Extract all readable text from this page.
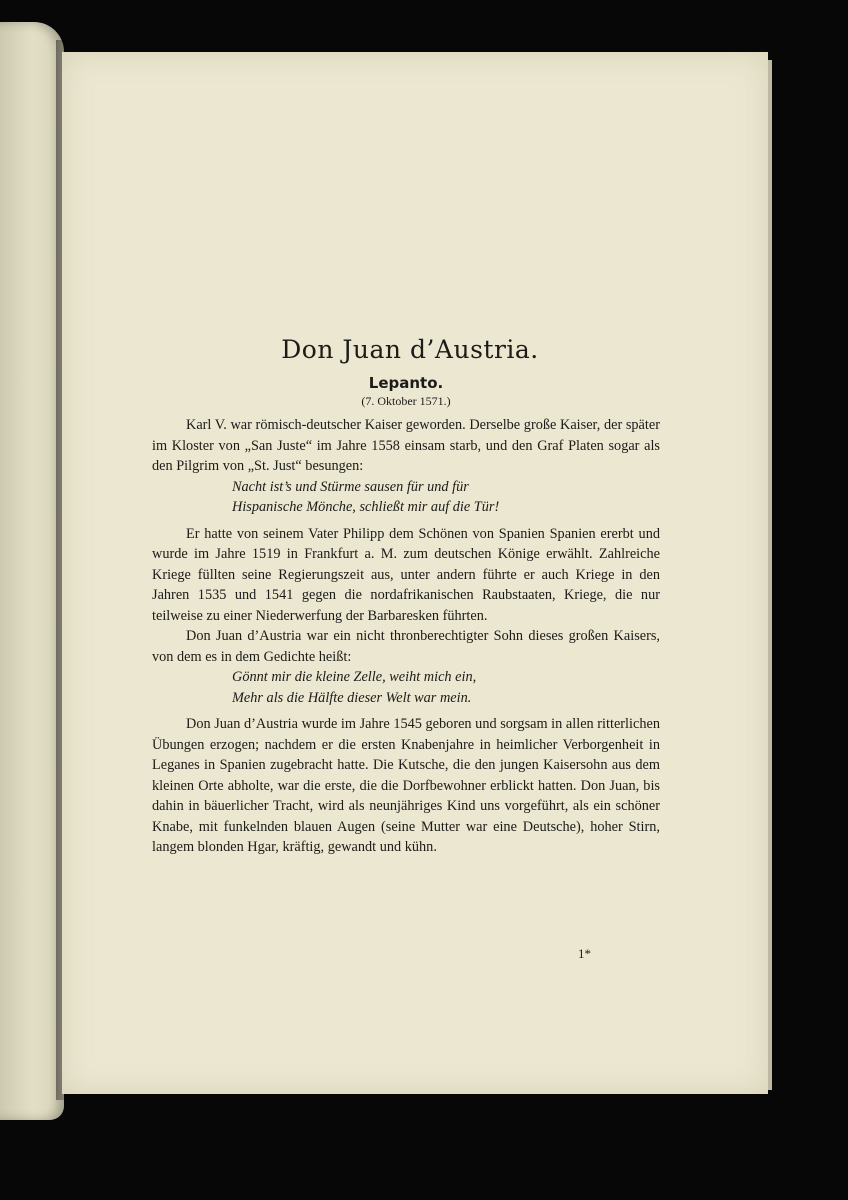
Don Juan d’Austria.
Lepanto.
(7. Oktober 1571.)

Karl V. war römisch-deutscher Kaiser geworden. Derselbe große Kaiser, der später im Kloster von „San Juste“ im Jahre 1558 einsam starb, und den Graf Platen sogar als den Pilgrim von „St. Just“ besungen:

Nacht ist’s und Stürme sausen für und für
Hispanische Mönche, schließt mir auf die Tür!

Er hatte von seinem Vater Philipp dem Schönen von Spanien Spanien ererbt und wurde im Jahre 1519 in Frankfurt a. M. zum deutschen Könige erwählt. Zahlreiche Kriege füllten seine Regierungszeit aus, unter andern führte er auch Kriege in den Jahren 1535 und 1541 gegen die nordafrikanischen Raubstaaten, Kriege, die nur teilweise zu einer Niederwerfung der Barbaresken führten.

Don Juan d’Austria war ein nicht thronberechtigter Sohn dieses großen Kaisers, von dem es in dem Gedichte heißt:

Gönnt mir die kleine Zelle, weiht mich ein,
Mehr als die Hälfte dieser Welt war mein.

Don Juan d’Austria wurde im Jahre 1545 geboren und sorgsam in allen ritterlichen Übungen erzogen; nachdem er die ersten Knabenjahre in heimlicher Verborgenheit in Leganes in Spanien zugebracht hatte. Die Kutsche, die den jungen Kaisersohn aus dem kleinen Orte abholte, war die erste, die die Dorfbewohner erblickt hatten. Don Juan, bis dahin in bäuerlicher Tracht, wird als neunjähriges Kind uns vorgeführt, als ein schöner Knabe, mit funkelnden blauen Augen (seine Mutter war eine Deutsche), hoher Stirn, langem blonden Hgar, kräftig, gewandt und kühn.

1*
